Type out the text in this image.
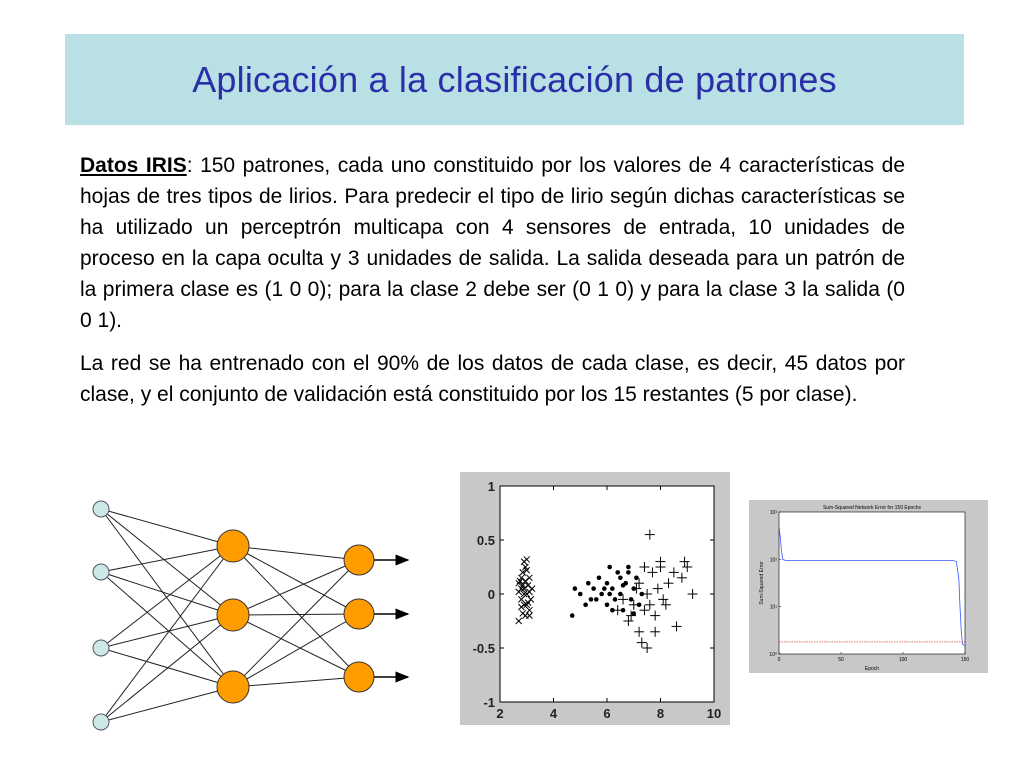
Aplicación a la clasificación de patrones

Datos IRIS: 150 patrones, cada uno constituido por los valores de 4 características de hojas de tres tipos de lirios. Para predecir el tipo de lirio según dichas características se ha utilizado un perceptrón multicapa con 4 sensores de entrada, 10 unidades de proceso en la capa oculta y 3 unidades de salida. La salida deseada para un patrón de la primera clase es (1 0 0); para la clase 2 debe ser (0 1 0) y para la clase 3 la salida (0 0 1).

La red se ha entrenado con el 90% de los datos de cada clase, es decir, 45 datos por clase, y el conjunto de validación está constituido por los 15 restantes (5 por clase).

2	4	6	8	10
1
0.5
0
-0.5
-1
Sum-Squared Network Error for 150 Epochs
Epoch
Sum-Squared Error
0	50	100	150
10³
10²
10¹
10⁰
